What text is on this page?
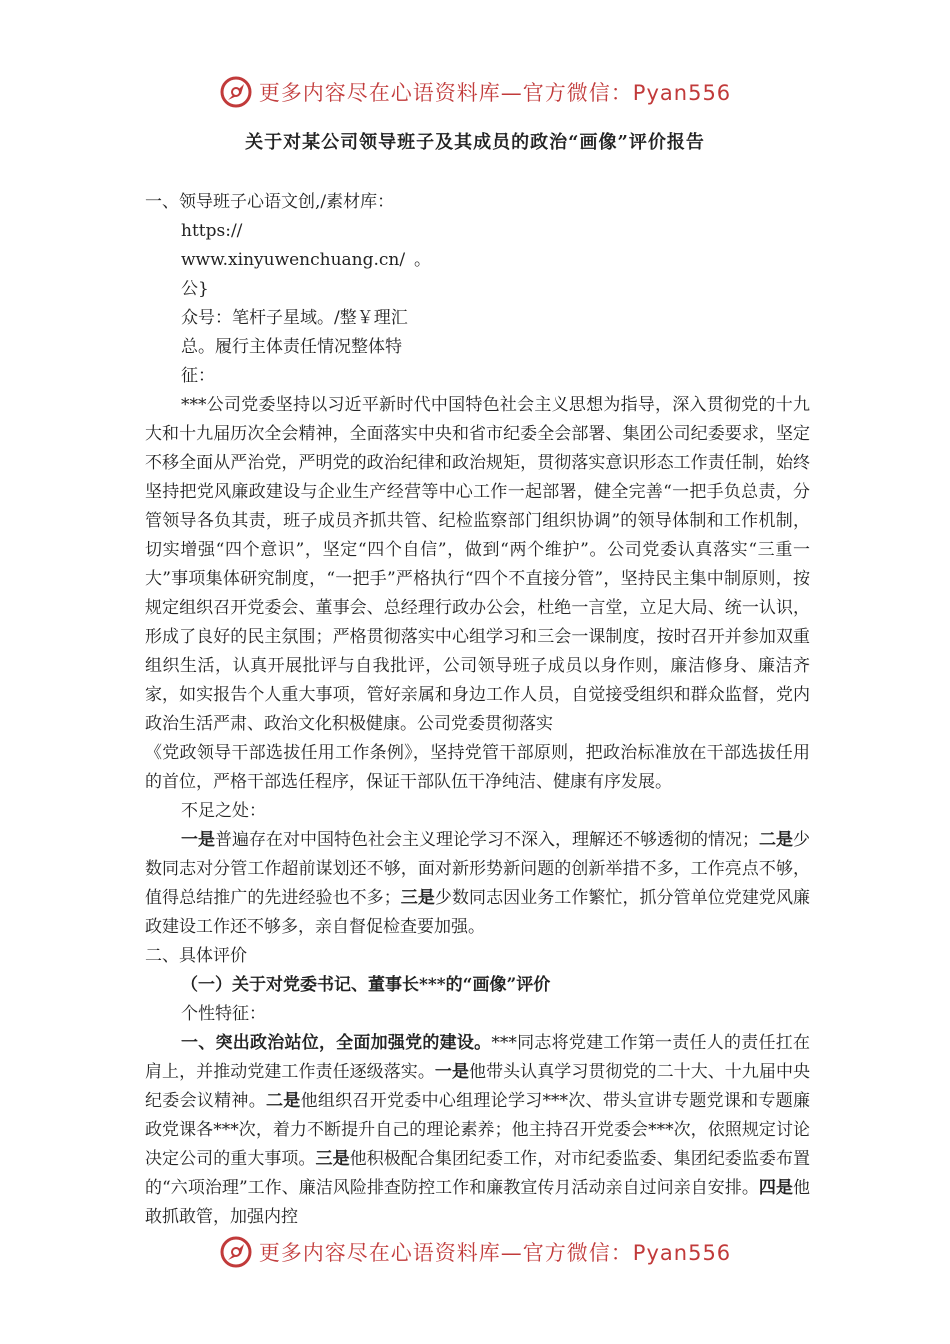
更多内容尽在心语资料库—官方微信：Pyan556
关于对某公司领导班子及其成员的政治“画像”评价报告

一、领导班子心语文创,/素材库：

https://

www.xinyuwenchuang.cn/。公}

众号：笔杆子星域。/整￥理汇

总。履行主体责任情况整体特

征：

***公司党委坚持以习近平新时代中国特色社会主义思想为指导，深入贯彻党的十九大和十九届历次全会精神，全面落实中央和省市纪委全会部署、集团公司纪委要求，坚定不移全面从严治党，严明党的政治纪律和政治规矩，贯彻落实意识形态工作责任制，始终坚持把党风廉政建设与企业生产经营等中心工作一起部署，健全完善“一把手负总责，分管领导各负其责，班子成员齐抓共管、纪检监察部门组织协调”的领导体制和工作机制，切实增强“四个意识”，坚定“四个自信”，做到“两个维护”。公司党委认真落实“三重一大”事项集体研究制度，“一把手”严格执行“四个不直接分管”，坚持民主集中制原则，按规定组织召开党委会、董事会、总经理行政办公会，杜绝一言堂，立足大局、统一认识， 形成了良好的民主氛围；严格贯彻落实中心组学习和三会一课制度，按时召开并参加双重组织生活，认真开展批评与自我批评，公司领导班子成员以身作则，廉洁修身、廉洁齐家，如实报告个人重大事项，管好亲属和身边工作人员，自觉接受组织和群众监督，党内政治生活严肃、政治文化积极健康。公司党委贯彻落实

《党政领导干部选拔任用工作条例》，坚持党管干部原则，把政治标准放在干部选拔任用的首位，严格干部选任程序，保证干部队伍干净纯洁、健康有序发展。

不足之处：

一是普遍存在对中国特色社会主义理论学习不深入，理解还不够透彻的情况；二是少数同志对分管工作超前谋划还不够，面对新形势新问题的创新举措不多，工作亮点不够，值得总结推广的先进经验也不多；三是少数同志因业务工作繁忙，抓分管单位党建党风廉政建设工作还不够多，亲自督促检查要加强。

二、具体评价

（一）关于对党委书记、董事长***的“画像”评价

个性特征：

一、突出政治站位，全面加强党的建设。***同志将党建工作第一责任人的责任扛在肩上，并推动党建工作责任逐级落实。一是他带头认真学习贯彻党的二十大、十九届中央纪委会议精神。二是他组织召开党委中心组理论学习***次、带头宣讲专题党课和专题廉政党课各***次，着力不断提升自己的理论素养；他主持召开党委会***次，依照规定讨论决定公司的重大事项。三是他积极配合集团纪委工作，对市纪委监委、集团纪委监委布置的“六项治理”工作、廉洁风险排查防控工作和廉教宣传月活动亲自过问亲自安排。四是他敢抓敢管，加强内控

更多内容尽在心语资料库—官方微信：Pyan556
